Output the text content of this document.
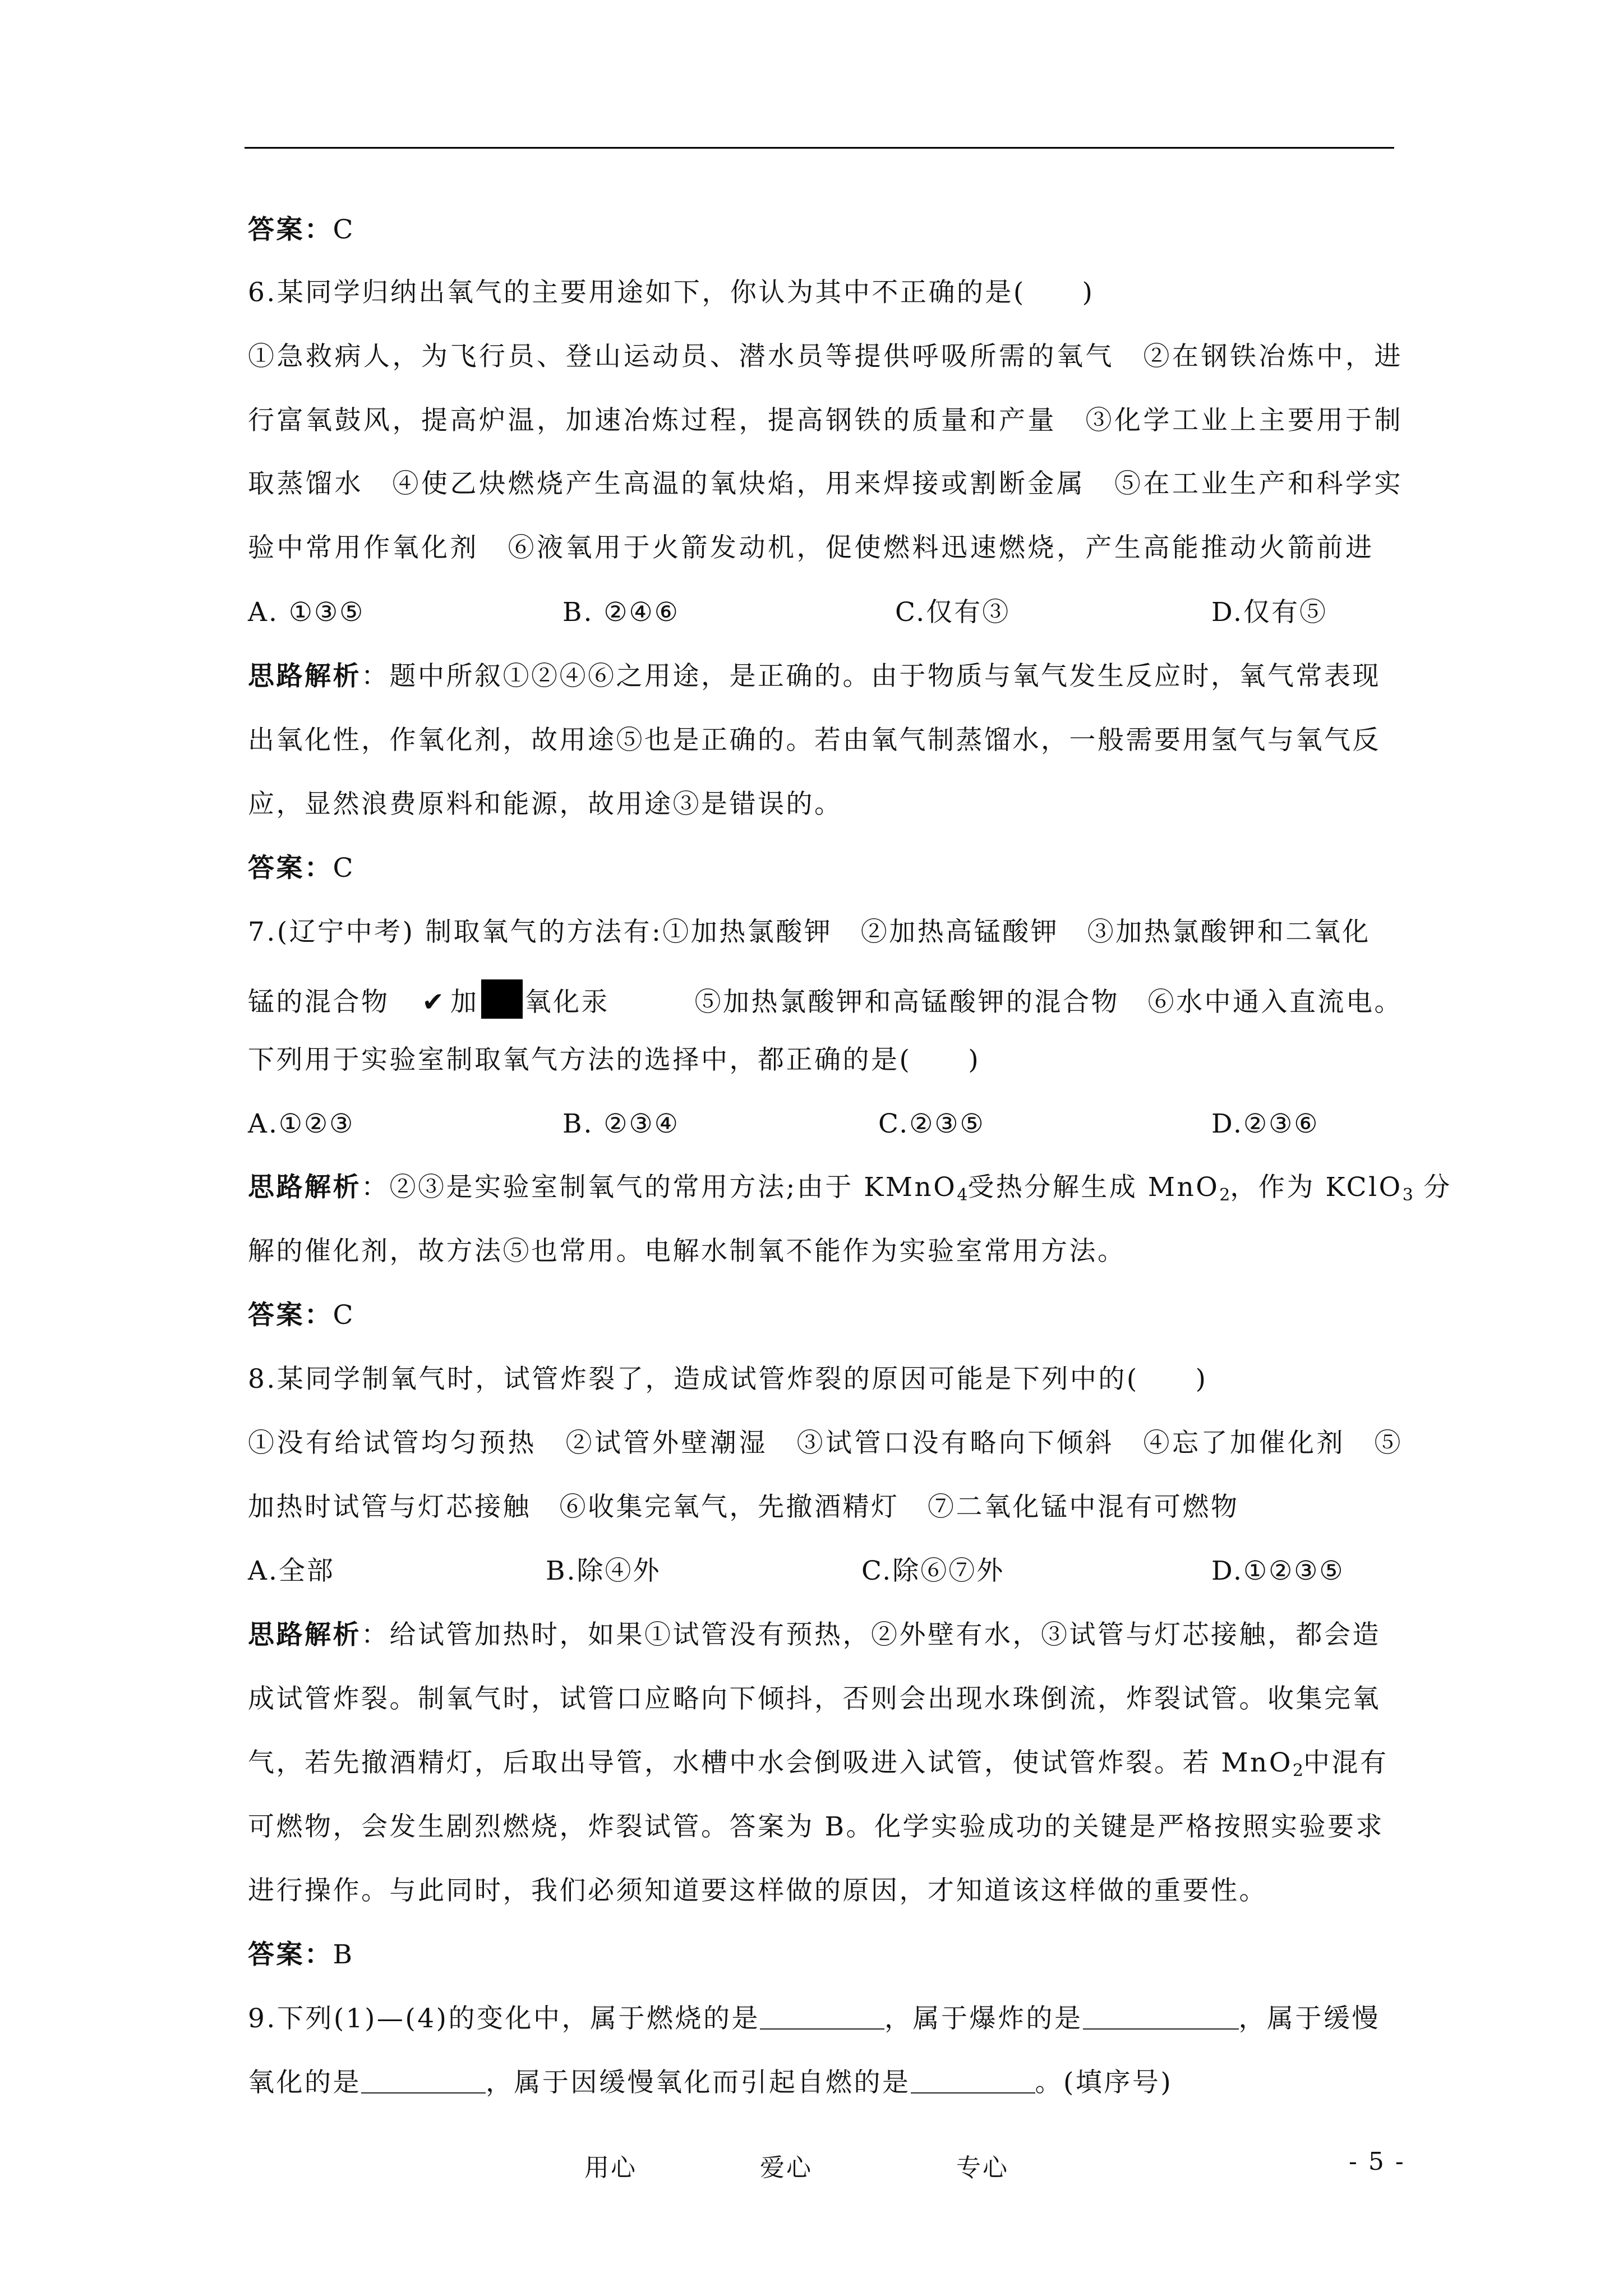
答案：C
6.某同学归纳出氧气的主要用途如下，你认为其中不正确的是(　　)
①急救病人，为飞行员、登山运动员、潜水员等提供呼吸所需的氧气　②在钢铁冶炼中，进
行富氧鼓风，提高炉温，加速冶炼过程，提高钢铁的质量和产量　③化学工业上主要用于制
取蒸馏水　④使乙炔燃烧产生高温的氧炔焰，用来焊接或割断金属　⑤在工业生产和科学实
验中常用作氧化剂　⑥液氧用于火箭发动机，促使燃料迅速燃烧，产生高能推动火箭前进
A. ①③⑤	B. ②④⑥	C.仅有③	D.仅有⑤
思路解析：题中所叙①②④⑥之用途，是正确的。由于物质与氧气发生反应时，氧气常表现
出氧化性，作氧化剂，故用途⑤也是正确的。若由氧气制蒸馏水，一般需要用氢气与氧气反
应，显然浪费原料和能源，故用途③是错误的。
答案：C
7.(辽宁中考) 制取氧气的方法有:①加热氯酸钾　②加热高锰酸钾　③加热氯酸钾和二氧化
锰的混合物　✔ 加 氧化汞　　　⑤加热氯酸钾和高锰酸钾的混合物　⑥水中通入直流电。
下列用于实验室制取氧气方法的选择中，都正确的是(　　)
A.①②③	B. ②③④	C.②③⑤	D.②③⑥
思路解析：②③是实验室制氧气的常用方法;由于 KMnO$_4$受热分解生成 MnO$_2$，作为 KClO$_3$ 分
解的催化剂，故方法⑤也常用。电解水制氧不能作为实验室常用方法。
答案：C
8.某同学制氧气时，试管炸裂了，造成试管炸裂的原因可能是下列中的(　　)
①没有给试管均匀预热　②试管外壁潮湿　③试管口没有略向下倾斜　④忘了加催化剂　⑤
加热时试管与灯芯接触　⑥收集完氧气，先撤酒精灯　⑦二氧化锰中混有可燃物
A.全部	B.除④外	C.除⑥⑦外	D.①②③⑤
思路解析：给试管加热时，如果①试管没有预热，②外壁有水，③试管与灯芯接触，都会造
成试管炸裂。制氧气时，试管口应略向下倾抖，否则会出现水珠倒流，炸裂试管。收集完氧
气，若先撤酒精灯，后取出导管，水槽中水会倒吸进入试管，使试管炸裂。若 MnO$_2$中混有
可燃物，会发生剧烈燃烧，炸裂试管。答案为 B。化学实验成功的关键是严格按照实验要求
进行操作。与此同时，我们必须知道要这样做的原因，才知道该这样做的重要性。
答案：B
9.下列(1)—(4)的变化中，属于燃烧的是	，属于爆炸的是	，属于缓慢
氧化的是	，属于因缓慢氧化而引起自燃的是	。(填序号)
用心	爱心	专心	- 5 -
